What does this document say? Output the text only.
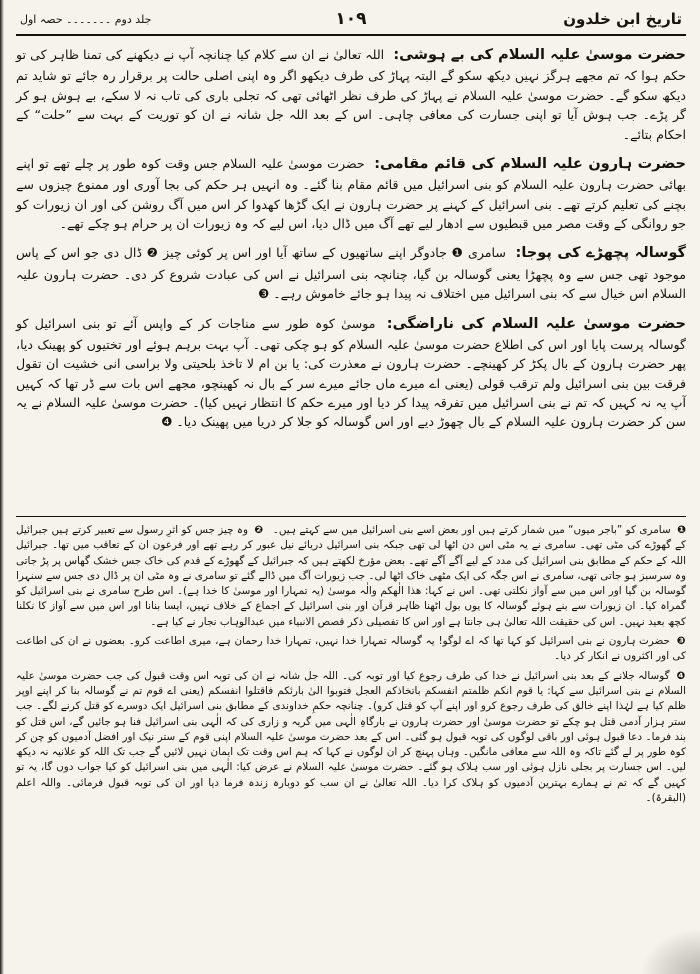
تاریخ ابن خلدون
۱۰۹
جلد دوم ۔۔۔۔۔۔۔ حصہ اول

حضرت موسیٰ علیہ السلام کی بے ہوشی: اللہ تعالیٰ نے ان سے کلام کیا چنانچہ آپ نے دیکھنے کی تمنا ظاہر کی تو حکم ہوا کہ تم مجھے ہرگز نہیں دیکھ سکو گے البتہ پہاڑ کی طرف دیکھو اگر وہ اپنی اصلی حالت پر برقرار رہ جائے تو شاید تم دیکھ سکو گے۔ حضرت موسیٰ علیہ السلام نے پہاڑ کی طرف نظر اٹھائی تھی کہ تجلی باری کی تاب نہ لا سکے، بے ہوش ہو کر گر پڑے۔ جب ہوش آیا تو اپنی جسارت کی معافی چاہی۔ اس کے بعد اللہ جل شانہ نے ان کو توریت کے بہت سے ”حلت“ کے احکام بتائے۔

حضرت ہارون علیہ السلام کی قائم مقامی: حضرت موسیٰ علیہ السلام جس وقت کوہ طور پر چلے تھے تو اپنے بھائی حضرت ہارون علیہ السلام کو بنی اسرائیل میں قائم مقام بنا گئے۔ وہ انہیں ہر حکم کی بجا آوری اور ممنوع چیزوں سے بچنے کی تعلیم کرتے تھے۔ بنی اسرائیل کے کہنے پر حضرت ہارون نے ایک گڑھا کھدوا کر اس میں آگ روشن کی اور ان زیورات کو جو روانگی کے وقت مصر میں قبطیوں سے ادھار لیے تھے آگ میں ڈال دیا، اس لیے کہ وہ زیورات ان پر حرام ہو چکے تھے۔

گوسالہ پچھڑے کی پوجا: سامری ❶ جادوگر اپنے ساتھیوں کے ساتھ آیا اور اس پر کوئی چیز ❷ ڈال دی جو اس کے پاس موجود تھی جس سے وہ پچھڑا یعنی گوسالہ بن گیا، چنانچہ بنی اسرائیل نے اس کی عبادت شروع کر دی۔ حضرت ہارون علیہ السلام اس خیال سے کہ بنی اسرائیل میں اختلاف نہ پیدا ہو جائے خاموش رہے۔ ❸

حضرت موسیٰ علیہ السلام کی ناراضگی: موسیٰ کوہ طور سے مناجات کر کے واپس آئے تو بنی اسرائیل کو گوسالہ پرست پایا اور اس کی اطلاع حضرت موسیٰ علیہ السلام کو ہو چکی تھی۔ آپ بہت برہم ہوئے اور تختیوں کو پھینک دیا، پھر حضرت ہارون کے بال پکڑ کر کھینچے۔ حضرت ہارون نے معذرت کی: یا بن ام لا تاخذ بلحیتی ولا براسی انی خشیت ان تقول فرقت بین بنی اسرائیل ولم ترقب قولی (یعنی اے میرے ماں جائے میرے سر کے بال نہ کھینچو، مجھے اس بات سے ڈر تھا کہ کہیں آپ یہ نہ کہیں کہ تم نے بنی اسرائیل میں تفرقہ پیدا کر دیا اور میرے حکم کا انتظار نہیں کیا)۔ حضرت موسیٰ علیہ السلام نے یہ سن کر حضرت ہارون علیہ السلام کے بال چھوڑ دیے اور اس گوسالہ کو جلا کر دریا میں پھینک دیا۔ ❹

❶ سامری کو ”باجر میوں“ میں شمار کرتے ہیں اور بعض اسے بنی اسرائیل میں سے کہتے ہیں۔ ❷ وہ چیز جس کو اثرِ رسول سے تعبیر کرتے ہیں جبرائیل کے گھوڑے کی مٹی تھی۔ سامری نے یہ مٹی اس دن اٹھا لی تھی جبکہ بنی اسرائیل دریائے نیل عبور کر رہے تھے اور فرعون ان کے تعاقب میں تھا۔ جبرائیل اللہ کے حکم کے مطابق بنی اسرائیل کی مدد کے لیے آگے آگے تھے۔ بعض مؤرخ لکھتے ہیں کہ جبرائیل کے گھوڑے کے قدم کی خاک جس خشک گھاس پر پڑ جاتی وہ سرسبز ہو جاتی تھی، سامری نے اس جگہ کی ایک مٹھی خاک اٹھا لی۔ جب زیورات آگ میں ڈالے گئے تو سامری نے وہ مٹی ان پر ڈال دی جس سے سنہرا گوسالہ بن گیا اور اس میں سے آواز نکلتی تھی۔ اس نے کہا: ھذا الٰھکم والٰہ موسیٰ (یہ تمہارا اور موسیٰ کا خدا ہے)۔ اس طرح سامری نے بنی اسرائیل کو گمراہ کیا۔ ان زیورات سے بنے ہوئے گوسالہ کا یوں بول اٹھنا ظاہر قرآن اور بنی اسرائیل کے اجماع کے خلاف نہیں، ایسا بنانا اور اس میں سے آواز کا نکلنا کچھ بعید نہیں۔ اس کی حقیقت اللہ تعالیٰ ہی جانتا ہے اور اس کا تفصیلی ذکر قصص الانبیاء میں عبدالوہاب نجار نے کیا ہے۔

❸ حضرت ہارون نے بنی اسرائیل کو کہا تھا کہ اے لوگو! یہ گوسالہ تمہارا خدا نہیں، تمہارا خدا رحمان ہے، میری اطاعت کرو۔ بعضوں نے ان کی اطاعت کی اور اکثروں نے انکار کر دیا۔

❹ گوسالہ جلانے کے بعد بنی اسرائیل نے خدا کی طرف رجوع کیا اور توبہ کی۔ اللہ جل شانہ نے ان کی توبہ اس وقت قبول کی جب حضرت موسیٰ علیہ السلام نے بنی اسرائیل سے کہا: یا قوم انکم ظلمتم انفسکم باتخاذکم العجل فتوبوا الیٰ بارئکم فاقتلوا انفسکم (یعنی اے قوم تم نے گوسالہ بنا کر اپنے اوپر ظلم کیا ہے لہٰذا اپنے خالق کی طرف رجوع کرو اور اپنے آپ کو قتل کرو)۔ چنانچہ حکمِ خداوندی کے مطابق بنی اسرائیل ایک دوسرے کو قتل کرنے لگے۔ جب ستر ہزار آدمی قتل ہو چکے تو حضرت موسیٰ اور حضرت ہارون نے بارگاہِ الٰہی میں گریہ و زاری کی کہ الٰہی بنی اسرائیل فنا ہو جائیں گے، اس قتل کو بند فرما۔ دعا قبول ہوئی اور باقی لوگوں کی توبہ قبول ہو گئی۔ اس کے بعد حضرت موسیٰ علیہ السلام اپنی قوم کے ستر نیک اور افضل آدمیوں کو چن کر کوہ طور پر لے گئے تاکہ وہ اللہ سے معافی مانگیں۔ وہاں پہنچ کر ان لوگوں نے کہا کہ ہم اس وقت تک ایمان نہیں لائیں گے جب تک اللہ کو علانیہ نہ دیکھ لیں۔ اس جسارت پر بجلی نازل ہوئی اور سب ہلاک ہو گئے۔ حضرت موسیٰ علیہ السلام نے عرض کیا: الٰہی میں بنی اسرائیل کو کیا جواب دوں گا، یہ تو کہیں گے کہ تم نے ہمارے بہترین آدمیوں کو ہلاک کرا دیا۔ اللہ تعالیٰ نے ان سب کو دوبارہ زندہ فرما دیا اور ان کی توبہ قبول فرمائی۔ واللہ اعلم (البقرۃ)۔
